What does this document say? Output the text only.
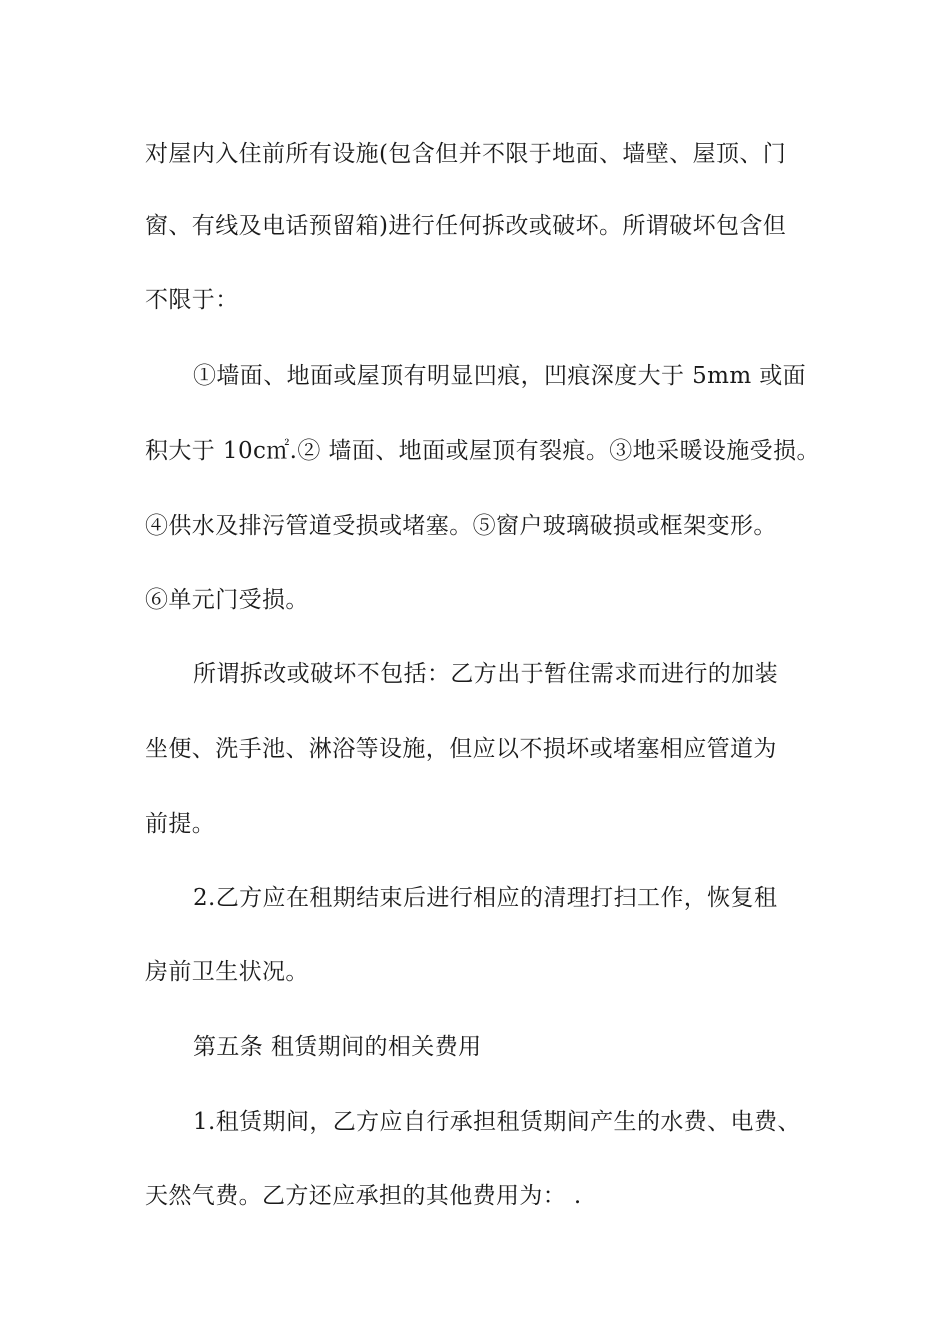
对屋内入住前所有设施(包含但并不限于地面、墙壁、屋顶、门
窗、有线及电话预留箱)进行任何拆改或破坏。所谓破坏包含但
不限于：
①墙面、地面或屋顶有明显凹痕，凹痕深度大于 5mm 或面
积大于 10c㎡.② 墙面、地面或屋顶有裂痕。③地采暖设施受损。
④供水及排污管道受损或堵塞。⑤窗户玻璃破损或框架变形。
⑥单元门受损。
所谓拆改或破坏不包括：乙方出于暂住需求而进行的加装
坐便、洗手池、淋浴等设施，但应以不损坏或堵塞相应管道为
前提。
2.乙方应在租期结束后进行相应的清理打扫工作，恢复租
房前卫生状况。
第五条 租赁期间的相关费用
1.租赁期间，乙方应自行承担租赁期间产生的水费、电费、
天然气费。乙方还应承担的其他费用为： .
